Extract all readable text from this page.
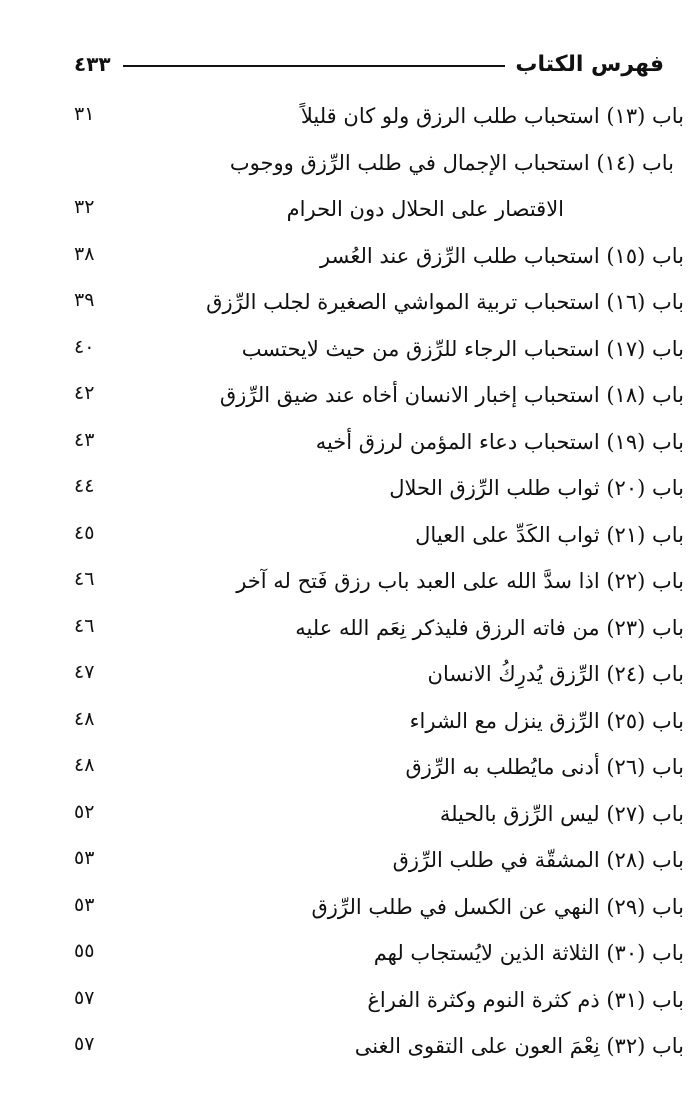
فهرس الكتاب
٤٣٣
باب (١٣) استحباب طلب الرزق ولو كان قليلاً
٣١
باب (١٤) استحباب الإجمال في طلب الرِّزق ووجوب
الاقتصار على الحلال دون الحرام
٣٢
باب (١٥) استحباب طلب الرِّزق عند العُسر
٣٨
باب (١٦) استحباب تربية المواشي الصغيرة لجلب الرِّزق
٣٩
باب (١٧) استحباب الرجاء للرِّزق من حيث لايحتسب
٤٠
باب (١٨) استحباب إخبار الانسان أخاه عند ضيق الرِّزق
٤٢
باب (١٩) استحباب دعاء المؤمن لرزق أخيه
٤٣
باب (٢٠) ثواب طلب الرِّزق الحلال
٤٤
باب (٢١) ثواب الكَدِّ على العيال
٤٥
باب (٢٢) اذا سدَّ الله على العبد باب رزق فَتح له آخر
٤٦
باب (٢٣) من فاته الرزق فليذكر نِعَم الله عليه
٤٦
باب (٢٤) الرِّزق يُدرِكُ الانسان
٤٧
باب (٢٥) الرِّزق ينزل مع الشراء
٤٨
باب (٢٦) أدنى مايُطلب به الرِّزق
٤٨
باب (٢٧) ليس الرِّزق بالحيلة
٥٢
باب (٢٨) المشقّة في طلب الرِّزق
٥٣
باب (٢٩) النهي عن الكسل في طلب الرِّزق
٥٣
باب (٣٠) الثلاثة الذين لايُستجاب لهم
٥٥
باب (٣١) ذم كثرة النوم وكثرة الفراغ
٥٧
باب (٣٢) نِعْمَ العون على التقوى الغنى
٥٧
